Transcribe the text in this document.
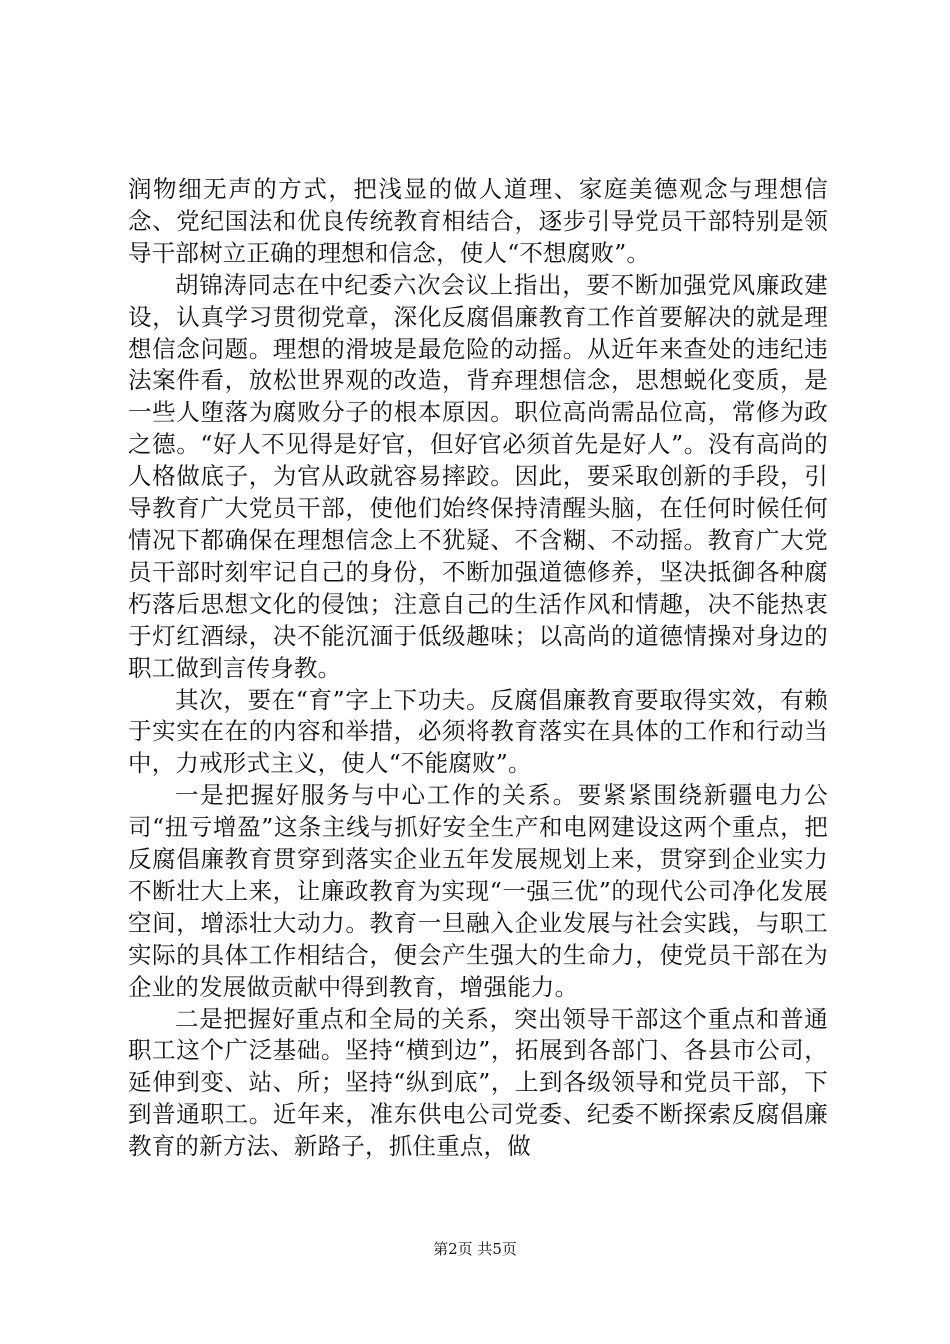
润物细无声的方式，把浅显的做人道理、家庭美德观念与理想信念、党纪国法和优良传统教育相结合，逐步引导党员干部特别是领导干部树立正确的理想和信念，使人“不想腐败”。

胡锦涛同志在中纪委六次会议上指出，要不断加强党风廉政建设，认真学习贯彻党章，深化反腐倡廉教育工作首要解决的就是理想信念问题。理想的滑坡是最危险的动摇。从近年来查处的违纪违法案件看，放松世界观的改造，背弃理想信念，思想蜕化变质，是一些人堕落为腐败分子的根本原因。职位高尚需品位高，常修为政之德。“好人不见得是好官，但好官必须首先是好人”。没有高尚的人格做底子，为官从政就容易摔跤。因此，要采取创新的手段，引导教育广大党员干部，使他们始终保持清醒头脑，在任何时候任何情况下都确保在理想信念上不犹疑、不含糊、不动摇。教育广大党员干部时刻牢记自己的身份，不断加强道德修养，坚决抵御各种腐朽落后思想文化的侵蚀；注意自己的生活作风和情趣，决不能热衷于灯红酒绿，决不能沉湎于低级趣味；以高尚的道德情操对身边的职工做到言传身教。

其次，要在“育”字上下功夫。反腐倡廉教育要取得实效，有赖于实实在在的内容和举措，必须将教育落实在具体的工作和行动当中，力戒形式主义，使人“不能腐败”。

一是把握好服务与中心工作的关系。要紧紧围绕新疆电力公司“扭亏增盈”这条主线与抓好安全生产和电网建设这两个重点，把反腐倡廉教育贯穿到落实企业五年发展规划上来，贯穿到企业实力不断壮大上来，让廉政教育为实现“一强三优”的现代公司净化发展空间，增添壮大动力。教育一旦融入企业发展与社会实践，与职工实际的具体工作相结合，便会产生强大的生命力，使党员干部在为企业的发展做贡献中得到教育，增强能力。

二是把握好重点和全局的关系，突出领导干部这个重点和普通职工这个广泛基础。坚持“横到边”，拓展到各部门、各县市公司，延伸到变、站、所；坚持“纵到底”，上到各级领导和党员干部，下到普通职工。近年来，准东供电公司党委、纪委不断探索反腐倡廉教育的新方法、新路子，抓住重点，做

第2页 共5页
